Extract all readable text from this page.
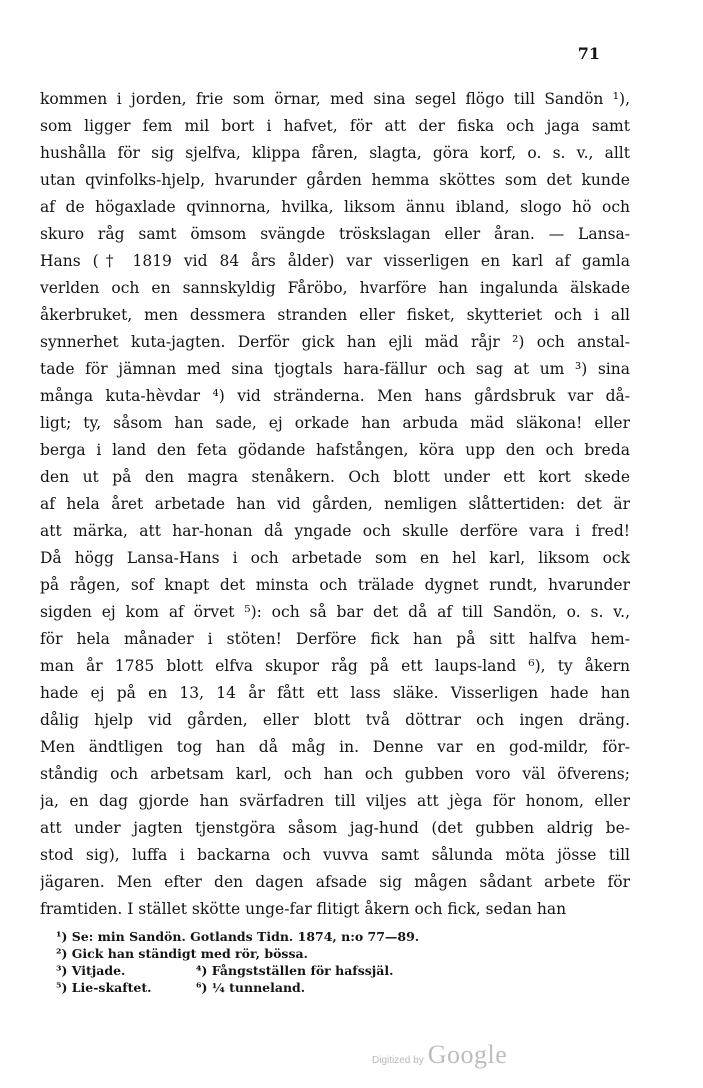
71
kommen i jorden, frie som örnar, med sina segel flögo till Sandön ¹),
som ligger fem mil bort i hafvet, för att der fiska och jaga samt
hushålla för sig sjelfva, klippa fåren, slagta, göra korf, o. s. v., allt
utan qvinfolks-hjelp, hvarunder gården hemma sköttes som det kunde
af de högaxlade qvinnorna, hvilka, liksom ännu ibland, slogo hö och
skuro råg samt ömsom svängde tröskslagan eller åran. — Lansa-
Hans († 1819 vid 84 års ålder) var visserligen en karl af gamla
verlden och en sannskyldig Fåröbo, hvarföre han ingalunda älskade
åkerbruket, men dessmera stranden eller fisket, skytteriet och i all
synnerhet kuta-jagten. Derför gick han ejli mäd råjr ²) och anstal-
tade för jämnan med sina tjogtals hara-fällur och sag at um ³) sina
många kuta-hèvdar ⁴) vid stränderna. Men hans gårdsbruk var då-
ligt; ty, såsom han sade, ej orkade han arbuda mäd släkona! eller
berga i land den feta gödande hafstången, köra upp den och breda
den ut på den magra stenåkern. Och blott under ett kort skede
af hela året arbetade han vid gården, nemligen slåttertiden: det är
att märka, att har-honan då yngade och skulle derföre vara i fred!
Då högg Lansa-Hans i och arbetade som en hel karl, liksom ock
på rågen, sof knapt det minsta och trälade dygnet rundt, hvarunder
sigden ej kom af örvet ⁵): och så bar det då af till Sandön, o. s. v.,
för hela månader i stöten! Derföre fick han på sitt halfva hem-
man år 1785 blott elfva skupor råg på ett laups-land ⁶), ty åkern
hade ej på en 13, 14 år fått ett lass släke. Visserligen hade han
dålig hjelp vid gården, eller blott två döttrar och ingen dräng.
Men ändtligen tog han då måg in. Denne var en god-mildr, för-
ståndig och arbetsam karl, och han och gubben voro väl öfverens;
ja, en dag gjorde han svärfadren till viljes att jèga för honom, eller
att under jagten tjenstgöra såsom jag-hund (det gubben aldrig be-
stod sig), luffa i backarna och vuvva samt sålunda möta jösse till
jägaren. Men efter den dagen afsade sig mågen sådant arbete för
framtiden. I stället skötte unge-far flitigt åkern och fick, sedan han
¹) Se: min Sandön. Gotlands Tidn. 1874, n:o 77—89.
²) Gick han ständigt med rör, bössa.
³) Vitjade.	⁴) Fångstställen för hafssjäl.
⁵) Lie-skaftet.	⁶) ¼ tunneland.
Digitized by Google
